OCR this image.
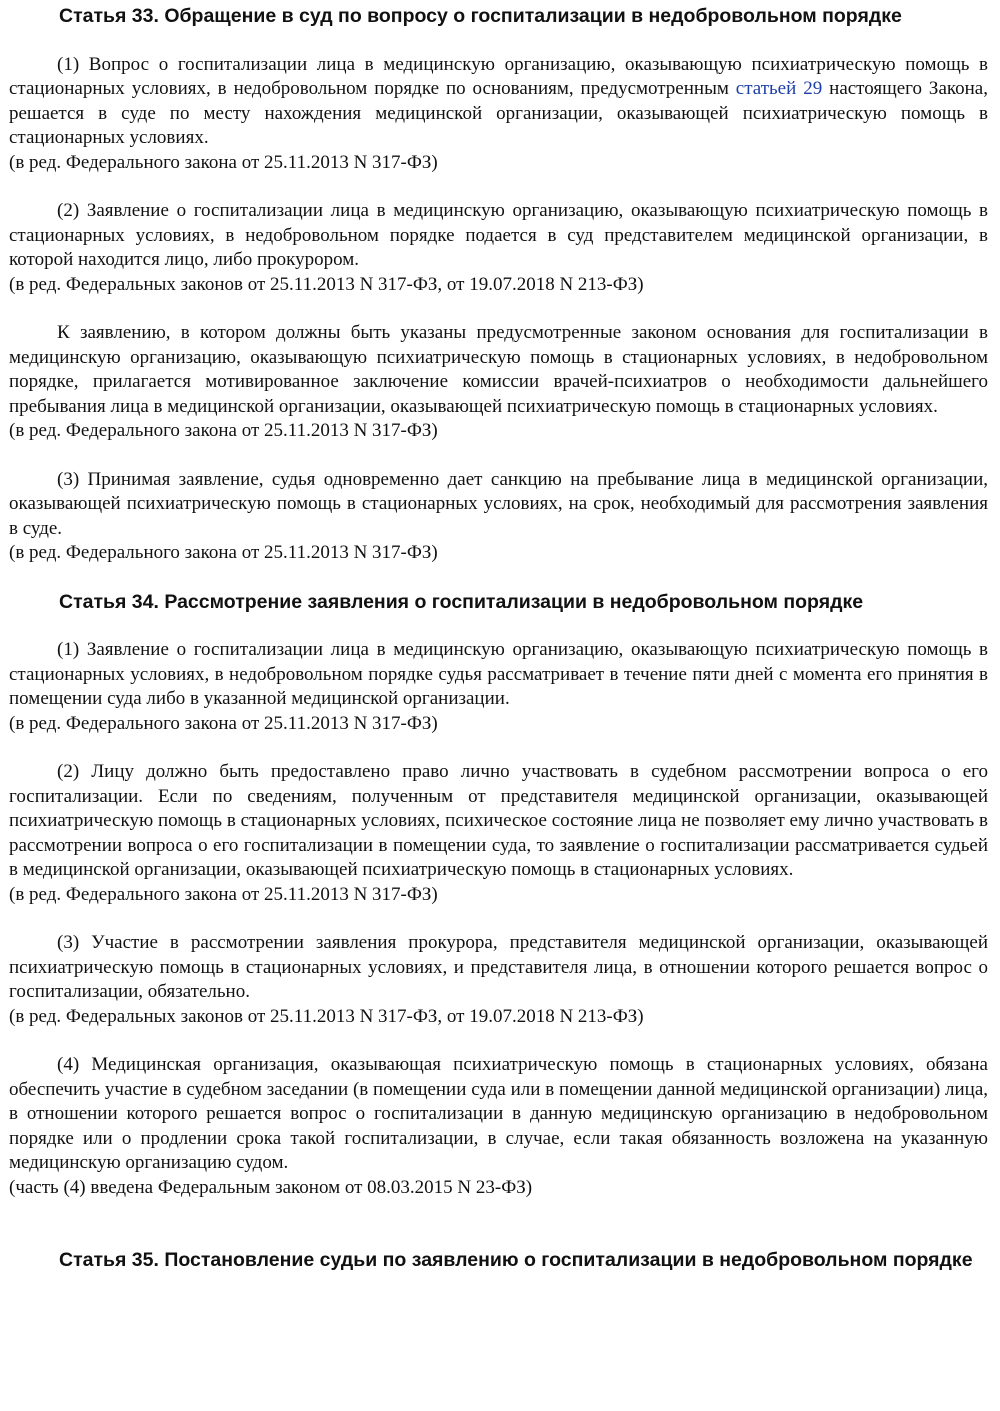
Статья 33. Обращение в суд по вопросу о госпитализации в недобровольном порядке

(1) Вопрос о госпитализации лица в медицинскую организацию, оказывающую психиатрическую помощь в стационарных условиях, в недобровольном порядке по основаниям, предусмотренным статьей 29 настоящего Закона, решается в суде по месту нахождения медицинской организации, оказывающей психиатрическую помощь в стационарных условиях.

(в ред. Федерального закона от 25.11.2013 N 317-ФЗ)

(2) Заявление о госпитализации лица в медицинскую организацию, оказывающую психиатрическую помощь в стационарных условиях, в недобровольном порядке подается в суд представителем медицинской организации, в которой находится лицо, либо прокурором.

(в ред. Федеральных законов от 25.11.2013 N 317-ФЗ, от 19.07.2018 N 213-ФЗ)

К заявлению, в котором должны быть указаны предусмотренные законом основания для госпитализации в медицинскую организацию, оказывающую психиатрическую помощь в стационарных условиях, в недобровольном порядке, прилагается мотивированное заключение комиссии врачей-психиатров о необходимости дальнейшего пребывания лица в медицинской организации, оказывающей психиатрическую помощь в стационарных условиях.

(в ред. Федерального закона от 25.11.2013 N 317-ФЗ)

(3) Принимая заявление, судья одновременно дает санкцию на пребывание лица в медицинской организации, оказывающей психиатрическую помощь в стационарных условиях, на срок, необходимый для рассмотрения заявления в суде.

(в ред. Федерального закона от 25.11.2013 N 317-ФЗ)

Статья 34. Рассмотрение заявления о госпитализации в недобровольном порядке

(1) Заявление о госпитализации лица в медицинскую организацию, оказывающую психиатрическую помощь в стационарных условиях, в недобровольном порядке судья рассматривает в течение пяти дней с момента его принятия в помещении суда либо в указанной медицинской организации.

(в ред. Федерального закона от 25.11.2013 N 317-ФЗ)

(2) Лицу должно быть предоставлено право лично участвовать в судебном рассмотрении вопроса о его госпитализации. Если по сведениям, полученным от представителя медицинской организации, оказывающей психиатрическую помощь в стационарных условиях, психическое состояние лица не позволяет ему лично участвовать в рассмотрении вопроса о его госпитализации в помещении суда, то заявление о госпитализации рассматривается судьей в медицинской организации, оказывающей психиатрическую помощь в стационарных условиях.

(в ред. Федерального закона от 25.11.2013 N 317-ФЗ)

(3) Участие в рассмотрении заявления прокурора, представителя медицинской организации, оказывающей психиатрическую помощь в стационарных условиях, и представителя лица, в отношении которого решается вопрос о госпитализации, обязательно.

(в ред. Федеральных законов от 25.11.2013 N 317-ФЗ, от 19.07.2018 N 213-ФЗ)

(4) Медицинская организация, оказывающая психиатрическую помощь в стационарных условиях, обязана обеспечить участие в судебном заседании (в помещении суда или в помещении данной медицинской организации) лица, в отношении которого решается вопрос о госпитализации в данную медицинскую организацию в недобровольном порядке или о продлении срока такой госпитализации, в случае, если такая обязанность возложена на указанную медицинскую организацию судом.

(часть (4) введена Федеральным законом от 08.03.2015 N 23-ФЗ)

Статья 35. Постановление судьи по заявлению о госпитализации в недобровольном порядке
